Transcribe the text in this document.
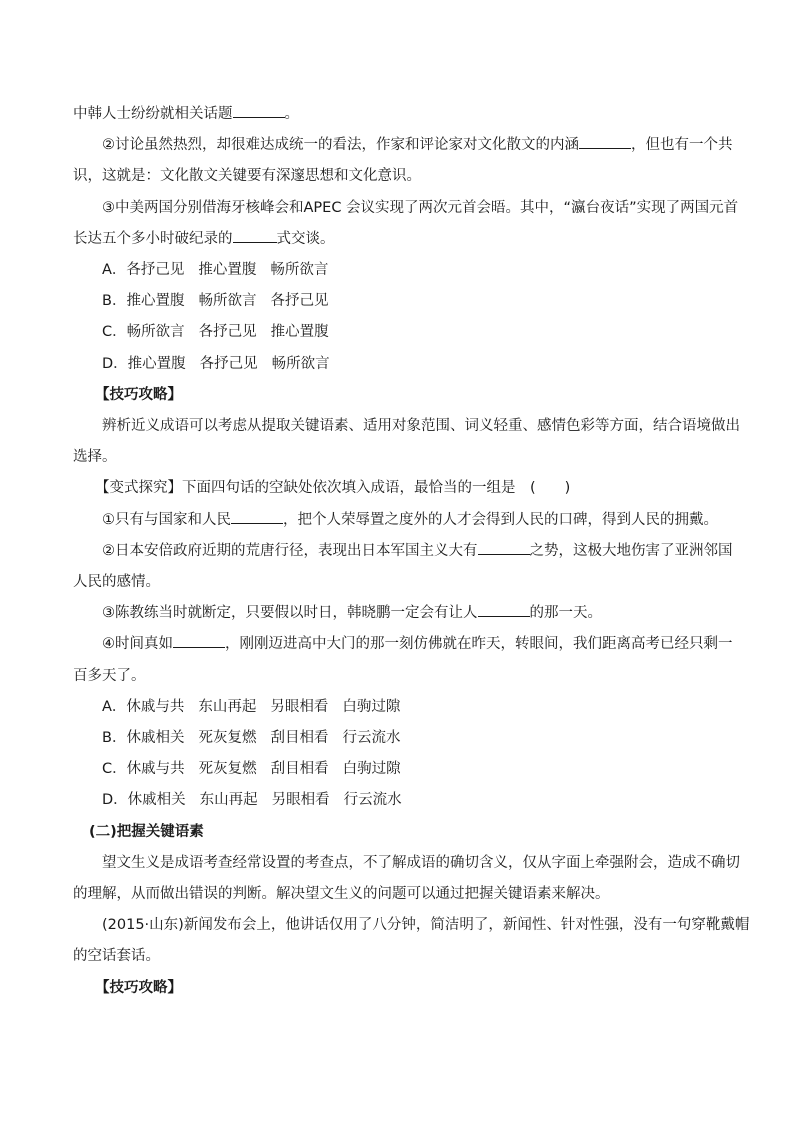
中韩人士纷纷就相关话题	。
②讨论虽然热烈，却很难达成统一的看法，作家和评论家对文化散文的内涵	，但也有一个共
识，这就是：文化散文关键要有深邃思想和文化意识。
③中美两国分别借海牙核峰会和APEC 会议实现了两次元首会晤。其中，“瀛台夜话”实现了两国元首
长达五个多小时破纪录的	式交谈。
A．各抒己见 推心置腹 畅所欲言
B．推心置腹 畅所欲言 各抒己见
C．畅所欲言 各抒己见 推心置腹
D．推心置腹 各抒己见 畅所欲言
【技巧攻略】
辨析近义成语可以考虑从提取关键语素、适用对象范围、词义轻重、感情色彩等方面，结合语境做出
选择。
【变式探究】下面四句话的空缺处依次填入成语，最恰当的一组是　(　　)
①只有与国家和人民	，把个人荣辱置之度外的人才会得到人民的口碑，得到人民的拥戴。
②日本安倍政府近期的荒唐行径，表现出日本军国主义大有	之势，这极大地伤害了亚洲邻国
人民的感情。
③陈教练当时就断定，只要假以时日，韩晓鹏一定会有让人	的那一天。
④时间真如	，刚刚迈进高中大门的那一刻仿佛就在昨天，转眼间，我们距离高考已经只剩一
百多天了。
A．休戚与共 东山再起 另眼相看 白驹过隙
B．休戚相关 死灰复燃 刮目相看 行云流水
C．休戚与共 死灰复燃 刮目相看 白驹过隙
D．休戚相关 东山再起 另眼相看 行云流水
(二)把握关键语素
望文生义是成语考查经常设置的考查点，不了解成语的确切含义，仅从字面上牵强附会，造成不确切
的理解，从而做出错误的判断。解决望文生义的问题可以通过把握关键语素来解决。
(2015·山东)新闻发布会上，他讲话仅用了八分钟，简洁明了，新闻性、针对性强，没有一句穿靴戴帽
的空话套话。
【技巧攻略】
